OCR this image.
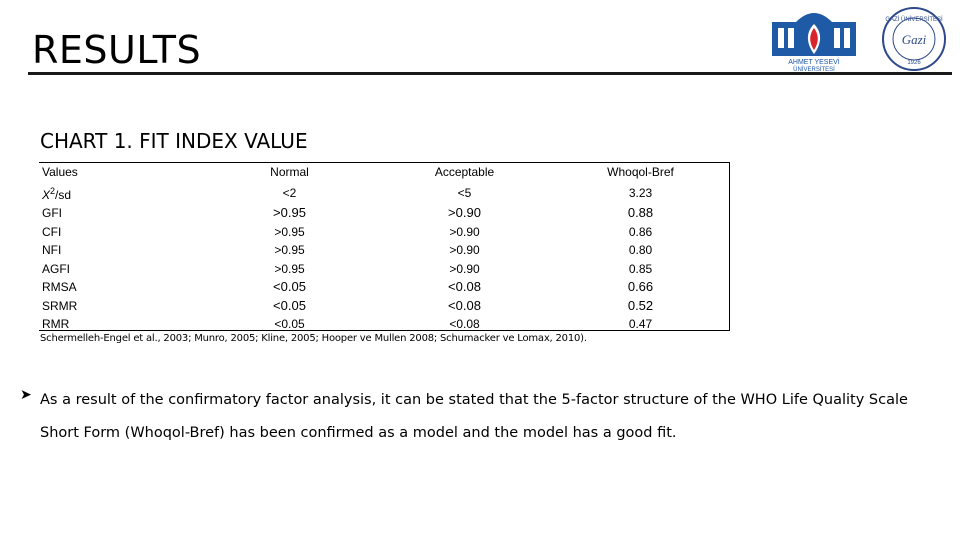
RESULTS	AHMET YESEVİ
ÜNİVERSİTESİ
GAZİ ÜNİVERSİTESİ
Gazi
1926
CHART 1. FIT INDEX VALUE
Values	Normal	Acceptable	Whoqol-Bref
$X^2/sd$	<2	<5	3.23
GFI	>0.95	>0.90	0.88
CFI	>0.95	>0.90	0.86
NFI	>0.95	>0.90	0.80
AGFI	>0.95	>0.90	0.85
RMSA	<0.05	<0.08	0.66
SRMR	<0.05	<0.08	0.52
RMR	<0.05	<0.08	0.47
Schermelleh-Engel et al., 2003; Munro, 2005; Kline, 2005; Hooper ve Mullen 2008; Schumacker ve Lomax, 2010).
➤ As a result of the confirmatory factor analysis, it can be stated that the 5-factor structure of the WHO Life Quality Scale Short Form (Whoqol-Bref) has been confirmed as a model and the model has a good fit.
